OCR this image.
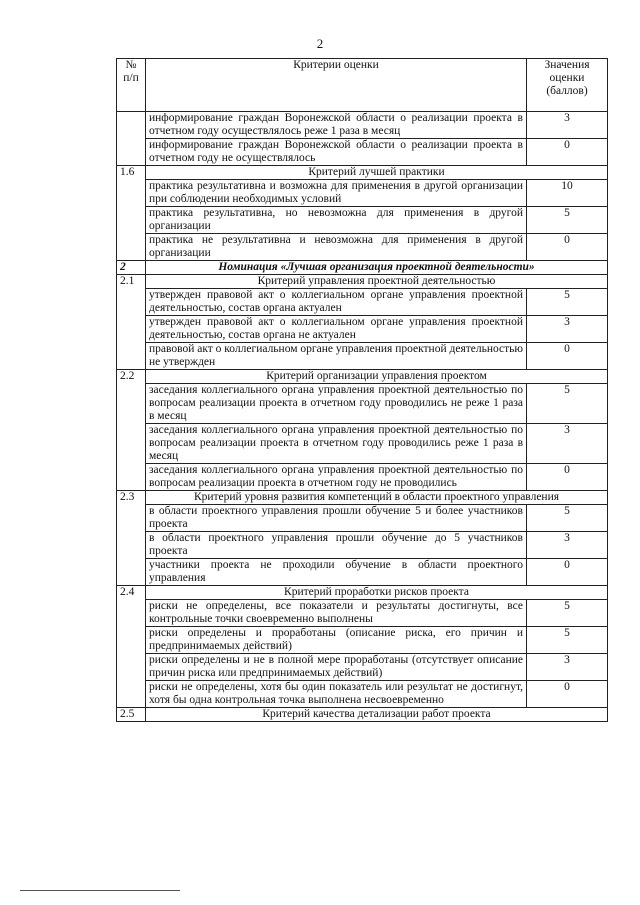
2
№ п/п	Критерии оценки	Значения оценки (баллов)
	информирование граждан Воронежской области о реализации проекта в отчетном году осуществлялось реже 1 раза в месяц	3
	информирование граждан Воронежской области о реализации проекта в отчетном году не осуществлялось	0
1.6	Критерий лучшей практики	
	практика результативна и возможна для применения в другой организации при соблюдении необходимых условий	10
	практика результативна, но невозможна для применения в другой организации	5
	практика не результативна и невозможна для применения в другой организации	0
2	Номинация «Лучшая организация проектной деятельности»	
2.1	Критерий управления проектной деятельностью	
	утвержден правовой акт о коллегиальном органе управления проектной деятельностью, состав органа актуален	5
	утвержден правовой акт о коллегиальном органе управления проектной деятельностью, состав органа не актуален	3
	правовой акт о коллегиальном органе управления проектной деятельностью не утвержден	0
2.2	Критерий организации управления проектом	
	заседания коллегиального органа управления проектной деятельностью по вопросам реализации проекта в отчетном году проводились не реже 1 раза в месяц	5
	заседания коллегиального органа управления проектной деятельностью по вопросам реализации проекта в отчетном году проводились реже 1 раза в месяц	3
	заседания коллегиального органа управления проектной деятельностью по вопросам реализации проекта в отчетном году не проводились	0
2.3	Критерий уровня развития компетенций в области проектного управления	
	в области проектного управления прошли обучение 5 и более участников проекта	5
	в области проектного управления прошли обучение до 5 участников проекта	3
	участники проекта не проходили обучение в области проектного управления	0
2.4	Критерий проработки рисков проекта	
	риски не определены, все показатели и результаты достигнуты, все контрольные точки своевременно выполнены	5
	риски определены и проработаны (описание риска, его причин и предпринимаемых действий)	5
	риски определены и не в полной мере проработаны (отсутствует описание причин риска или предпринимаемых действий)	3
	риски не определены, хотя бы один показатель или результат не достигнут, хотя бы одна контрольная точка выполнена несвоевременно	0
2.5	Критерий качества детализации работ проекта	
